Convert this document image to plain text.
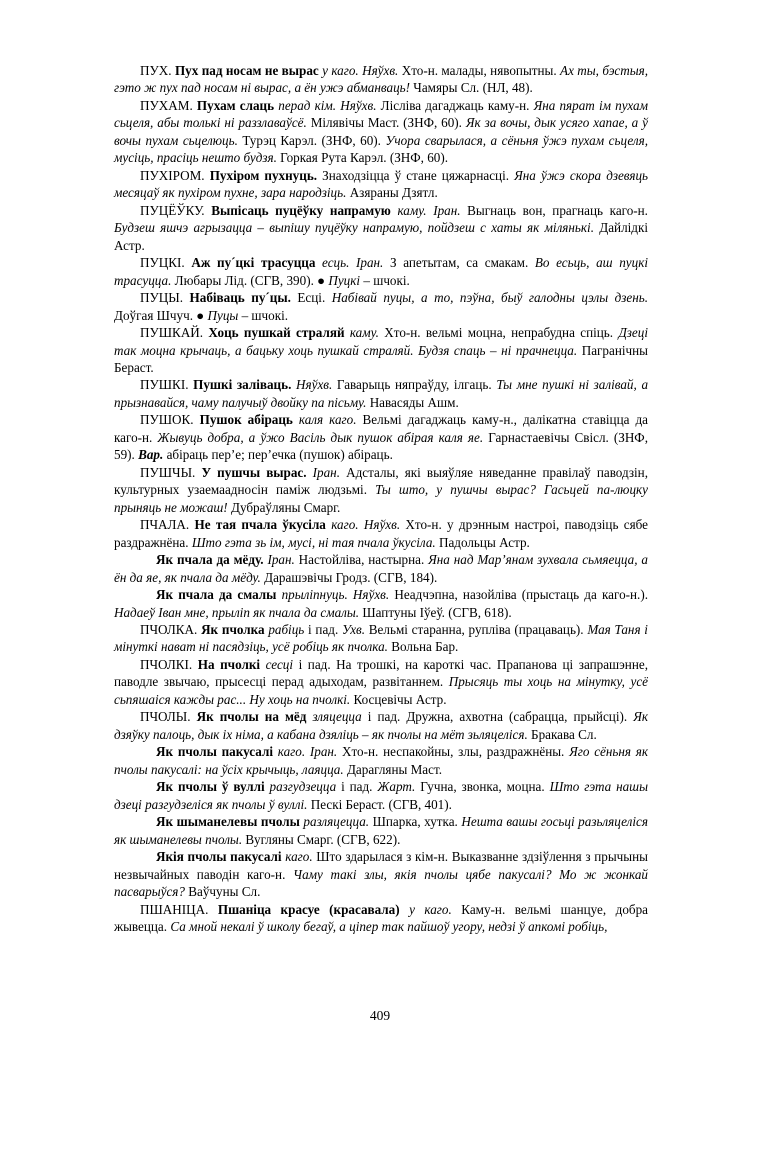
ПУХ. Пух пад носам не вырас у каго. Няўхв. Хто-н. малады, нявопытны. Ах ты, бэстыя, гэто ж пух пад носам ні вырас, а ён ужэ абманваць! Чамяры Сл. (НЛ, 48).

ПУХАМ. Пухам слаць перад кім. Няўхв. Лісліва дагаджаць каму-н. Яна пярат ім пухам сьцеля, абы толькі ні раззлаваўсё. Мілявічы Маст. (ЗНФ, 60). Як за вочы, дык усяго хапае, а ў вочы пухам сьцелюць. Турэц Карэл. (ЗНФ, 60). Учора сварылася, а сёньня ўжэ пухам сьцеля, мусіць, прасіць нешто будзя. Горкая Рута Карэл. (ЗНФ, 60).

ПУХІРОМ. Пухіром пухнуць. Знаходзіцца ў стане цяжарнасці. Яна ўжэ скора дзевяць месяцаў як пухіром пухне, зара народзіць. Азяраны Дзятл.

ПУЦЁЎКУ. Выпісаць пуцёўку напрамую каму. Іран. Выгнаць вон, прагнаць каго-н. Будзеш яшчэ агрызацца – выпішу пуцёўку напрамую, пойдзеш с хаты як мілянькі. Дайлідкі Астр.

ПУЦКІ. Аж пу´цкі трасуцца есць. Іран. З апетытам, са смакам. Во есьць, аш пуцкі трасуцца. Любары Лід. (СГВ, 390). ● Пуцкі – шчокі.

ПУЦЫ. Набіваць пу´цы. Есці. Набівай пуцы, а то, пэўна, быў галодны цэлы дзень. Доўгая Шчуч. ● Пуцы – шчокі.

ПУШКАЙ. Хоць пушкай страляй каму. Хто-н. вельмі моцна, непрабудна спіць. Дзеці так моцна крычаць, а бацьку хоць пушкай страляй. Будзя спаць – ні прачнецца. Пагранічны Бераст.

ПУШКІ. Пушкі заліваць. Няўхв. Гаварыць няпраўду, ілгаць. Ты мне пушкі ні залівай, а прызнавайся, чаму палучыў двойку па пісьму. Навасяды Ашм.

ПУШОК. Пушок абіраць каля каго. Вельмі дагаджаць каму-н., далікатна ставіцца да каго-н. Жывуць добра, а ўжо Васіль дык пушок абірая каля яе. Гарнастаевічы Свісл. (ЗНФ, 59). Вар. абіраць пер’е; пер’ечка (пушок) абіраць.

ПУШЧЫ. У пушчы вырас. Іран. Адсталы, які выяўляе няведанне правілаў паводзін, культурных узаемаадносін паміж людзьмі. Ты што, у пушчы вырас? Гасьцей па-люцку прыняць не можаш! Дубраўляны Смарг.

ПЧАЛА. Не тая пчала ўкусіла каго. Няўхв. Хто-н. у дрэнным настроі, паводзіць сябе раздражнёна. Што гэта зь ім, мусі, ні тая пчала ўкусіла. Падольцы Астр.

Як пчала да мёду. Іран. Настойліва, настырна. Яна над Мар’янам зухвала сьмяецца, а ён да яе, як пчала да мёду. Дарашэвічы Гродз. (СГВ, 184).

Як пчала да смалы прыліпнуць. Няўхв. Неадчэпна, назойліва (прыстаць да каго-н.). Надаеў Іван мне, прыліп як пчала да смалы. Шаптуны Іўеў. (СГВ, 618).

ПЧОЛКА. Як пчолка рабіць і пад. Ухв. Вельмі старанна, рупліва (працаваць). Мая Таня і мінуткі нават ні пасядзіць, усё робіць як пчолка. Вольна Бар.

ПЧОЛКІ. На пчолкі сесці і пад. На трошкі, на кароткі час. Прапанова ці запрашэнне, паводле звычаю, прысесці перад адыходам, развітаннем. Прысяць ты хоць на мінутку, усё сьпяшаіся кажды рас... Ну хоць на пчолкі. Косцевічы Астр.

ПЧОЛЫ. Як пчолы на мёд зляцецца і пад. Дружна, ахвотна (сабрацца, прыйсці). Як дзяўку палоць, дык іх німа, а кабана дзяліць – як пчолы на мёт зьляцеліся. Бракава Сл.

Як пчолы пакусалі каго. Іран. Хто-н. неспакойны, злы, раздражнёны. Яго сёньня як пчолы пакусалі: на ўсіх крычыць, лаяцца. Дарагляны Маст.

Як пчолы ў вуллі разгудзецца і пад. Жарт. Гучна, звонка, моцна. Што гэта нашы дзеці разгудзеліся як пчолы ў вуллі. Пескі Бераст. (СГВ, 401).

Як шыманелевы пчолы разляцецца. Шпарка, хутка. Нешта вашы госьці разьляцеліся як шыманелевы пчолы. Вугляны Смарг. (СГВ, 622).

Якія пчолы пакусалі каго. Што здарылася з кім-н. Выказванне здзіўлення з прычыны незвычайных паводін каго-н. Чаму такі злы, якія пчолы цябе пакусалі? Мо ж жонкай пасварыўся? Ваўчуны Сл.

ПШАНІЦА. Пшаніца красуе (красавала) у каго. Каму-н. вельмі шанцуе, добра жывецца. Са мной некалі ў школу бегаў, а ціпер так пайшоў угору, недзі ў апкомі робіць,

409
